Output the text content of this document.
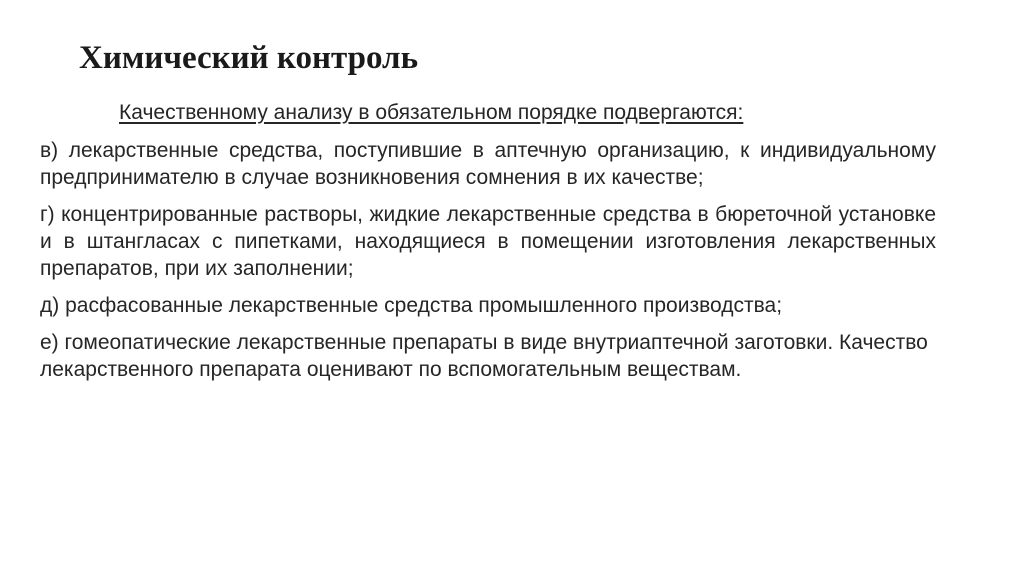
Химический контроль

Качественному анализу в обязательном порядке подвергаются:

в) лекарственные средства, поступившие в аптечную организацию, к индивидуальному предпринимателю в случае возникновения сомнения в их качестве;

г) концентрированные растворы, жидкие лекарственные средства в бюреточной установке и в штангласах с пипетками, находящиеся в помещении изготовления лекарственных препаратов, при их заполнении;

д) расфасованные лекарственные средства промышленного производства;

е) гомеопатические лекарственные препараты в виде внутриаптечной заготовки. Качество лекарственного препарата оценивают по вспомогательным веществам.
